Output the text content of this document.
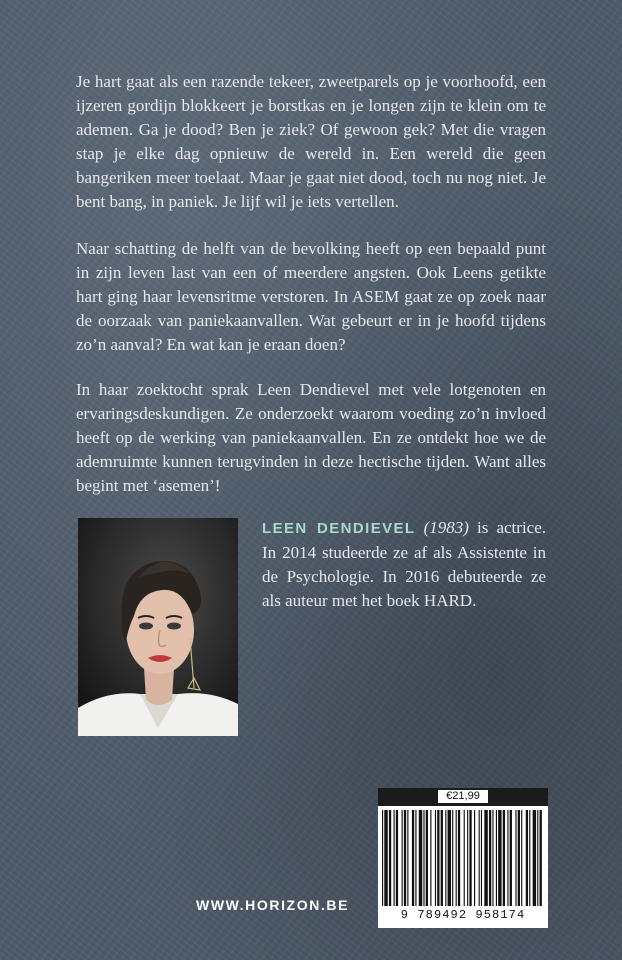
Je hart gaat als een razende tekeer, zweetparels op je voorhoofd, een ijzeren gordijn blokkeert je borstkas en je longen zijn te klein om te ademen. Ga je dood? Ben je ziek? Of gewoon gek? Met die vragen stap je elke dag opnieuw de wereld in. Een wereld die geen bangeriken meer toelaat. Maar je gaat niet dood, toch nu nog niet. Je bent bang, in paniek. Je lijf wil je iets vertellen.

Naar schatting de helft van de bevolking heeft op een bepaald punt in zijn leven last van een of meerdere angsten. Ook Leens getikte hart ging haar levensritme verstoren. In ASEM gaat ze op zoek naar de oorzaak van paniekaanvallen. Wat gebeurt er in je hoofd tijdens zo’n aanval? En wat kan je eraan doen?

In haar zoektocht sprak Leen Dendievel met vele lotgenoten en ervaringsdeskundigen. Ze onderzoekt waarom voeding zo’n invloed heeft op de werking van paniekaanvallen. En ze ontdekt hoe we de ademruimte kunnen terugvinden in deze hectische tijden. Want alles begint met ‘asemen’!

LEEN DENDIEVEL (1983) is actrice. In 2014 studeerde ze af als Assistente in de Psychologie. In 2016 debuteerde ze als auteur met het boek HARD.

WWW.HORIZON.BE
€21,99
9 789492 958174
